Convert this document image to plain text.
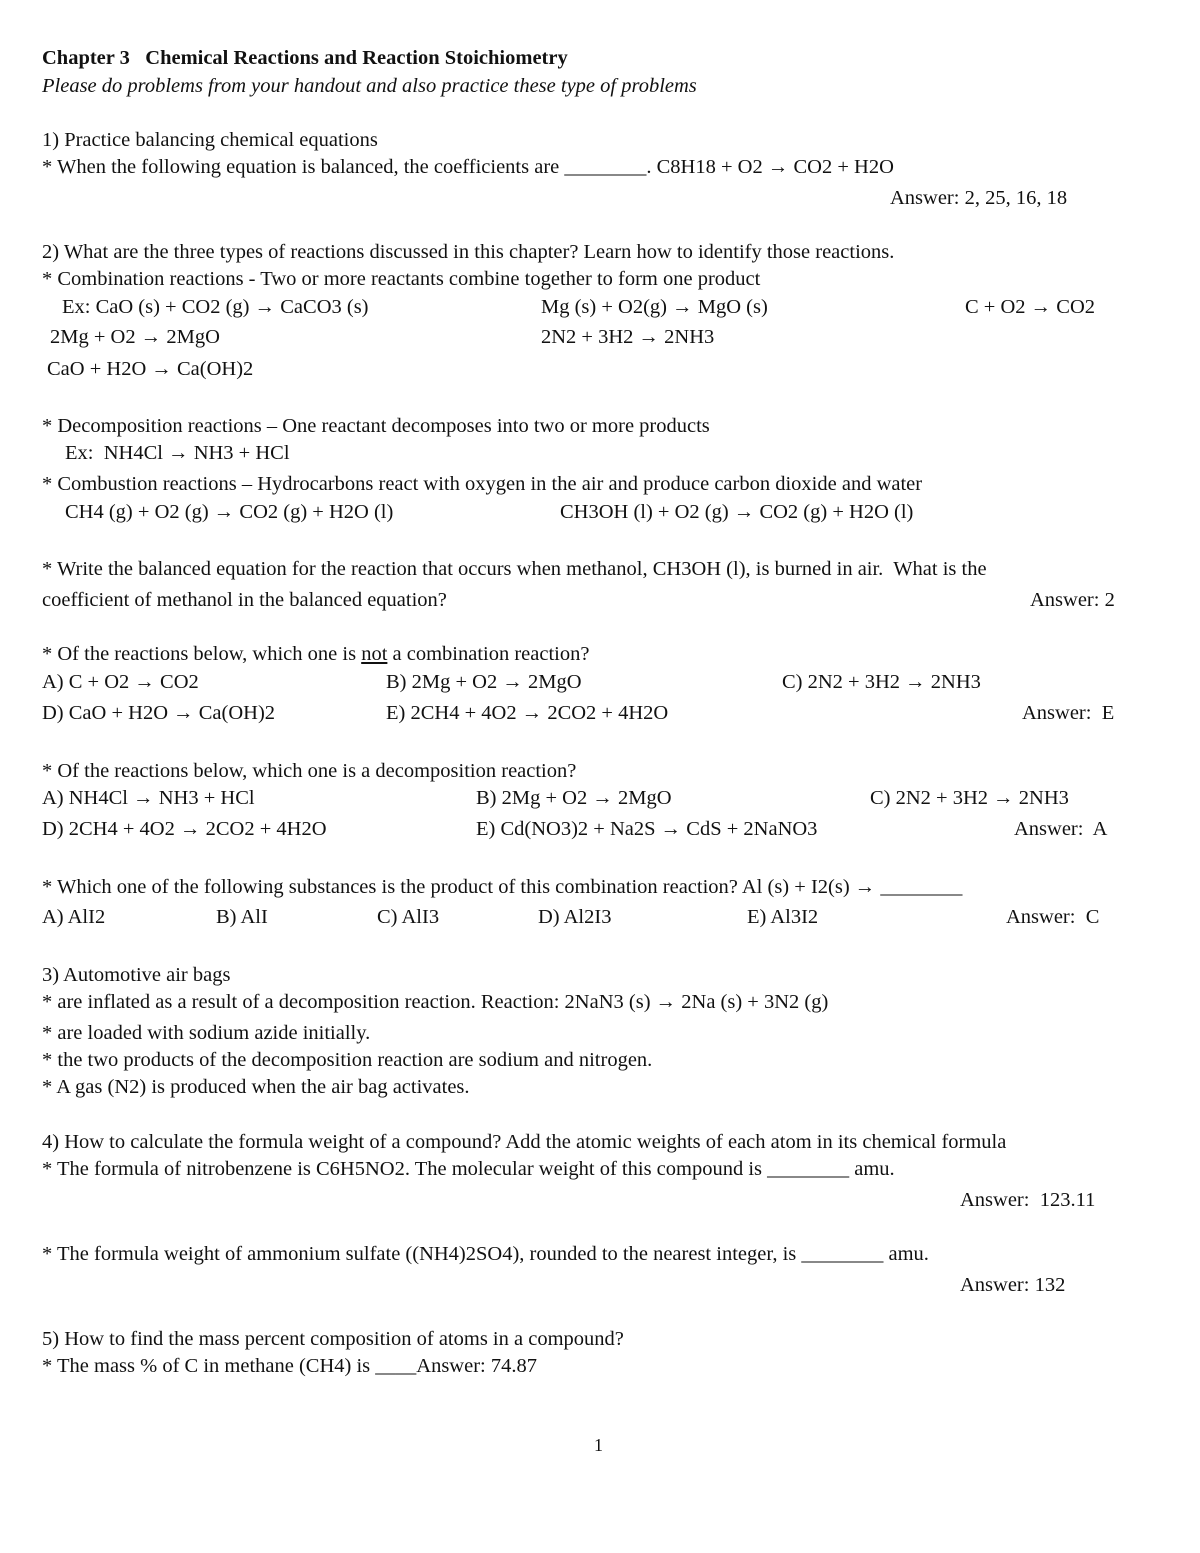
Chapter 3   Chemical Reactions and Reaction Stoichiometry
Please do problems from your handout and also practice these type of problems
1) Practice balancing chemical equations
* When the following equation is balanced, the coefficients are ________. C8H18 + O2 → CO2 + H2O
Answer: 2, 25, 16, 18
2) What are the three types of reactions discussed in this chapter? Learn how to identify those reactions.
* Combination reactions - Two or more reactants combine together to form one product
Ex: CaO (s) + CO2 (g) → CaCO3 (s)	Mg (s) + O2(g) → MgO (s)	C + O2 → CO2
2Mg + O2 → 2MgO	2N2 + 3H2 → 2NH3
CaO + H2O → Ca(OH)2
* Decomposition reactions – One reactant decomposes into two or more products
Ex:  NH4Cl → NH3 + HCl
* Combustion reactions – Hydrocarbons react with oxygen in the air and produce carbon dioxide and water
CH4 (g) + O2 (g) → CO2 (g) + H2O (l)	CH3OH (l) + O2 (g) → CO2 (g) + H2O (l)
* Write the balanced equation for the reaction that occurs when methanol, CH3OH (l), is burned in air.  What is the
coefficient of methanol in the balanced equation?	Answer: 2
* Of the reactions below, which one is not a combination reaction?
A) C + O2 → CO2	B) 2Mg + O2 → 2MgO	C) 2N2 + 3H2 → 2NH3
D) CaO + H2O → Ca(OH)2	E) 2CH4 + 4O2 → 2CO2 + 4H2O	Answer:  E
* Of the reactions below, which one is a decomposition reaction?
A) NH4Cl → NH3 + HCl	B) 2Mg + O2 → 2MgO	C) 2N2 + 3H2 → 2NH3
D) 2CH4 + 4O2 → 2CO2 + 4H2O	E) Cd(NO3)2 + Na2S → CdS + 2NaNO3	Answer:  A
* Which one of the following substances is the product of this combination reaction? Al (s) + I2(s) → ________
A) AlI2	B) AlI	C) AlI3	D) Al2I3	E) Al3I2	Answer:  C
3) Automotive air bags
* are inflated as a result of a decomposition reaction. Reaction: 2NaN3 (s) → 2Na (s) + 3N2 (g)
* are loaded with sodium azide initially.
* the two products of the decomposition reaction are sodium and nitrogen.
* A gas (N2) is produced when the air bag activates.
4) How to calculate the formula weight of a compound? Add the atomic weights of each atom in its chemical formula
* The formula of nitrobenzene is C6H5NO2. The molecular weight of this compound is ________ amu.
Answer:  123.11
* The formula weight of ammonium sulfate ((NH4)2SO4), rounded to the nearest integer, is ________ amu.
Answer: 132
5) How to find the mass percent composition of atoms in a compound?
* The mass % of C in methane (CH4) is ____Answer: 74.87
1
